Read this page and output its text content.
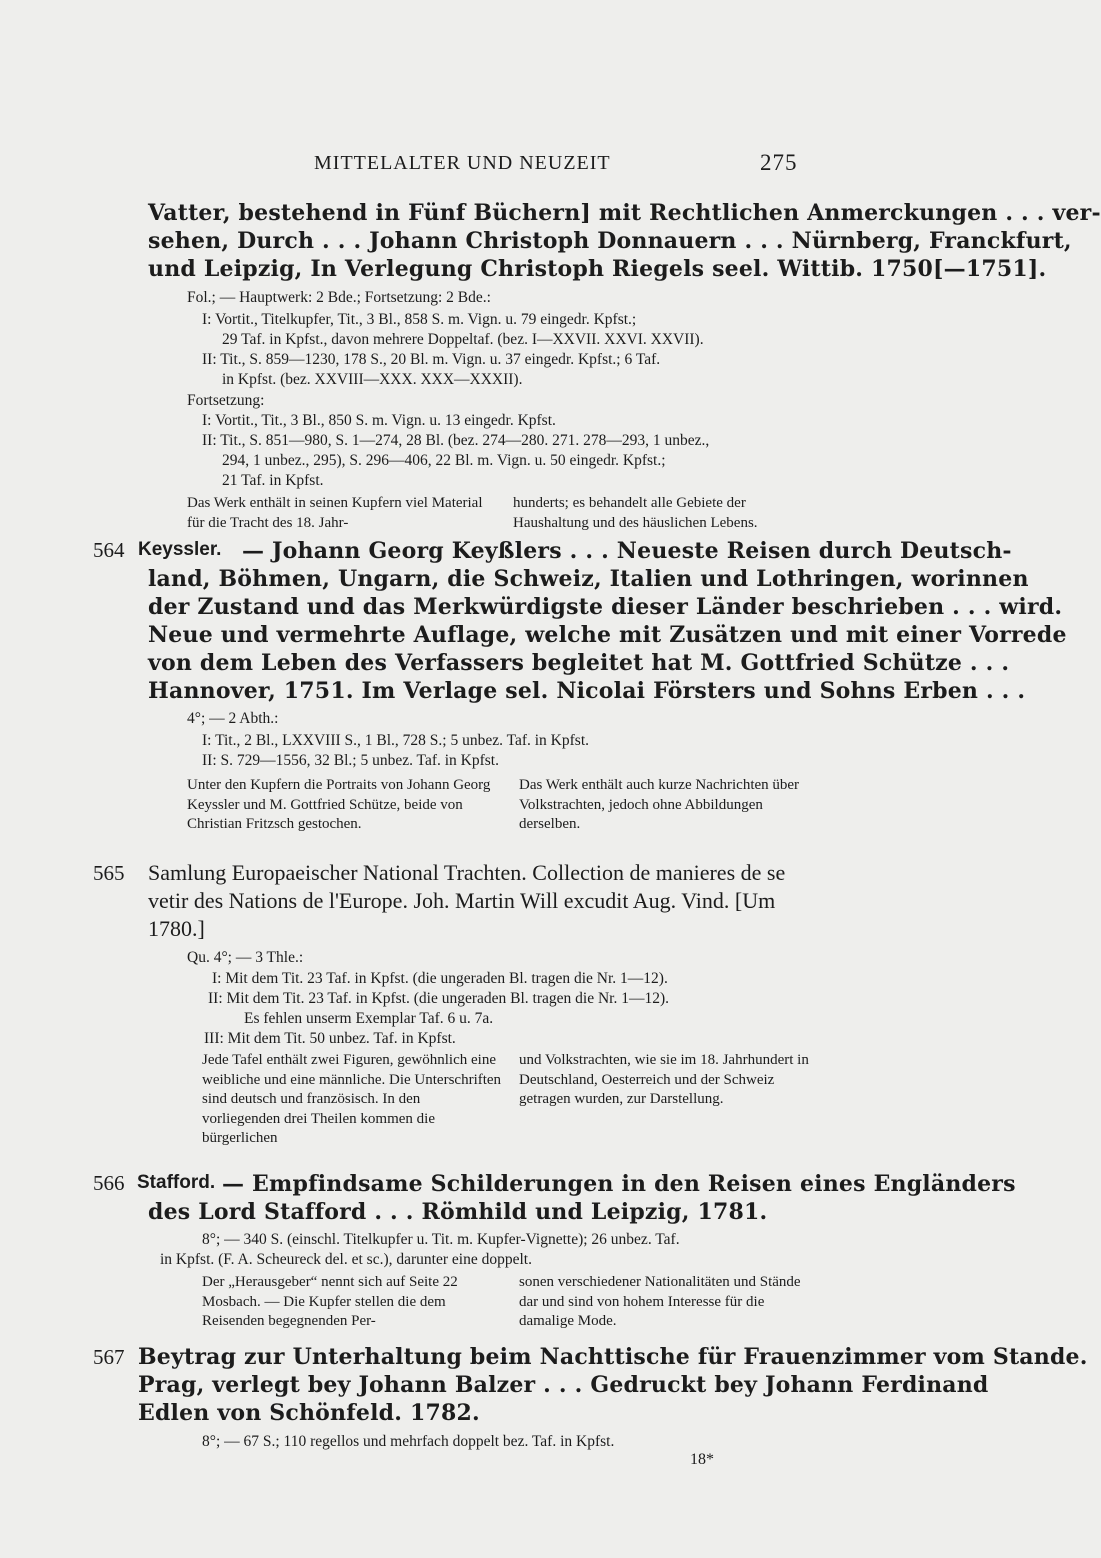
MITTELALTER UND NEUZEIT	275
Vatter, bestehend in Fünf Büchern] mit Rechtlichen Anmerckungen . . . ver-
sehen, Durch . . . Johann Christoph Donnauern . . . Nürnberg, Franckfurt,
und Leipzig, In Verlegung Christoph Riegels seel. Wittib. 1750[—1751].
Fol.; — Hauptwerk: 2 Bde.; Fortsetzung: 2 Bde.:
I: Vortit., Titelkupfer, Tit., 3 Bl., 858 S. m. Vign. u. 79 eingedr. Kpfst.;
29 Taf. in Kpfst., davon mehrere Doppeltaf. (bez. I—XXVII. XXVI. XXVII).
II: Tit., S. 859—1230, 178 S., 20 Bl. m. Vign. u. 37 eingedr. Kpfst.; 6 Taf.
in Kpfst. (bez. XXVIII—XXX. XXX—XXXII).
Fortsetzung:
I: Vortit., Tit., 3 Bl., 850 S. m. Vign. u. 13 eingedr. Kpfst.
II: Tit., S. 851—980, S. 1—274, 28 Bl. (bez. 274—280. 271. 278—293, 1 unbez.,
294, 1 unbez., 295), S. 296—406, 22 Bl. m. Vign. u. 50 eingedr. Kpfst.;
21 Taf. in Kpfst.
Das Werk enthält in seinen Kupfern viel Material für die Tracht des 18. Jahr-
hunderts; es behandelt alle Gebiete der Haushaltung und des häuslichen Lebens.
564 Keyssler. — Johann Georg Keyßlers . . . Neueste Reisen durch Deutsch-
land, Böhmen, Ungarn, die Schweiz, Italien und Lothringen, worinnen
der Zustand und das Merkwürdigste dieser Länder beschrieben . . . wird.
Neue und vermehrte Auflage, welche mit Zusätzen und mit einer Vorrede
von dem Leben des Verfassers begleitet hat M. Gottfried Schütze . . .
Hannover, 1751. Im Verlage sel. Nicolai Försters und Sohns Erben . . .
4°; — 2 Abth.:
I: Tit., 2 Bl., LXXVIII S., 1 Bl., 728 S.; 5 unbez. Taf. in Kpfst.
II: S. 729—1556, 32 Bl.; 5 unbez. Taf. in Kpfst.
Unter den Kupfern die Portraits von Johann Georg Keyssler und M. Gottfried Schütze, beide von Christian Fritzsch gestochen.
Das Werk enthält auch kurze Nachrichten über Volkstrachten, jedoch ohne Abbildungen derselben.
565 Samlung Europaeischer National Trachten. Collection de manieres de se
vetir des Nations de l'Europe. Joh. Martin Will excudit Aug. Vind. [Um
1780.]
Qu. 4°; — 3 Thle.:
I: Mit dem Tit. 23 Taf. in Kpfst. (die ungeraden Bl. tragen die Nr. 1—12).
II: Mit dem Tit. 23 Taf. in Kpfst. (die ungeraden Bl. tragen die Nr. 1—12).
Es fehlen unserm Exemplar Taf. 6 u. 7a.
III: Mit dem Tit. 50 unbez. Taf. in Kpfst.
Jede Tafel enthält zwei Figuren, gewöhnlich eine weibliche und eine männliche. Die Unterschriften sind deutsch und französisch. In den vorliegenden drei Theilen kommen die bürgerlichen
und Volkstrachten, wie sie im 18. Jahrhundert in Deutschland, Oesterreich und der Schweiz getragen wurden, zur Darstellung.
566 Stafford. — Empfindsame Schilderungen in den Reisen eines Engländers
des Lord Stafford . . . Römhild und Leipzig, 1781.
8°; — 340 S. (einschl. Titelkupfer u. Tit. m. Kupfer-Vignette); 26 unbez. Taf.
in Kpfst. (F. A. Scheureck del. et sc.), darunter eine doppelt.
Der „Herausgeber“ nennt sich auf Seite 22 Mosbach. — Die Kupfer stellen die dem Reisenden begegnenden Per-
sonen verschiedener Nationalitäten und Stände dar und sind von hohem Interesse für die damalige Mode.
567 Beytrag zur Unterhaltung beim Nachttische für Frauenzimmer vom Stande.
Prag, verlegt bey Johann Balzer . . . Gedruckt bey Johann Ferdinand
Edlen von Schönfeld. 1782.
8°; — 67 S.; 110 regellos und mehrfach doppelt bez. Taf. in Kpfst.
18*
